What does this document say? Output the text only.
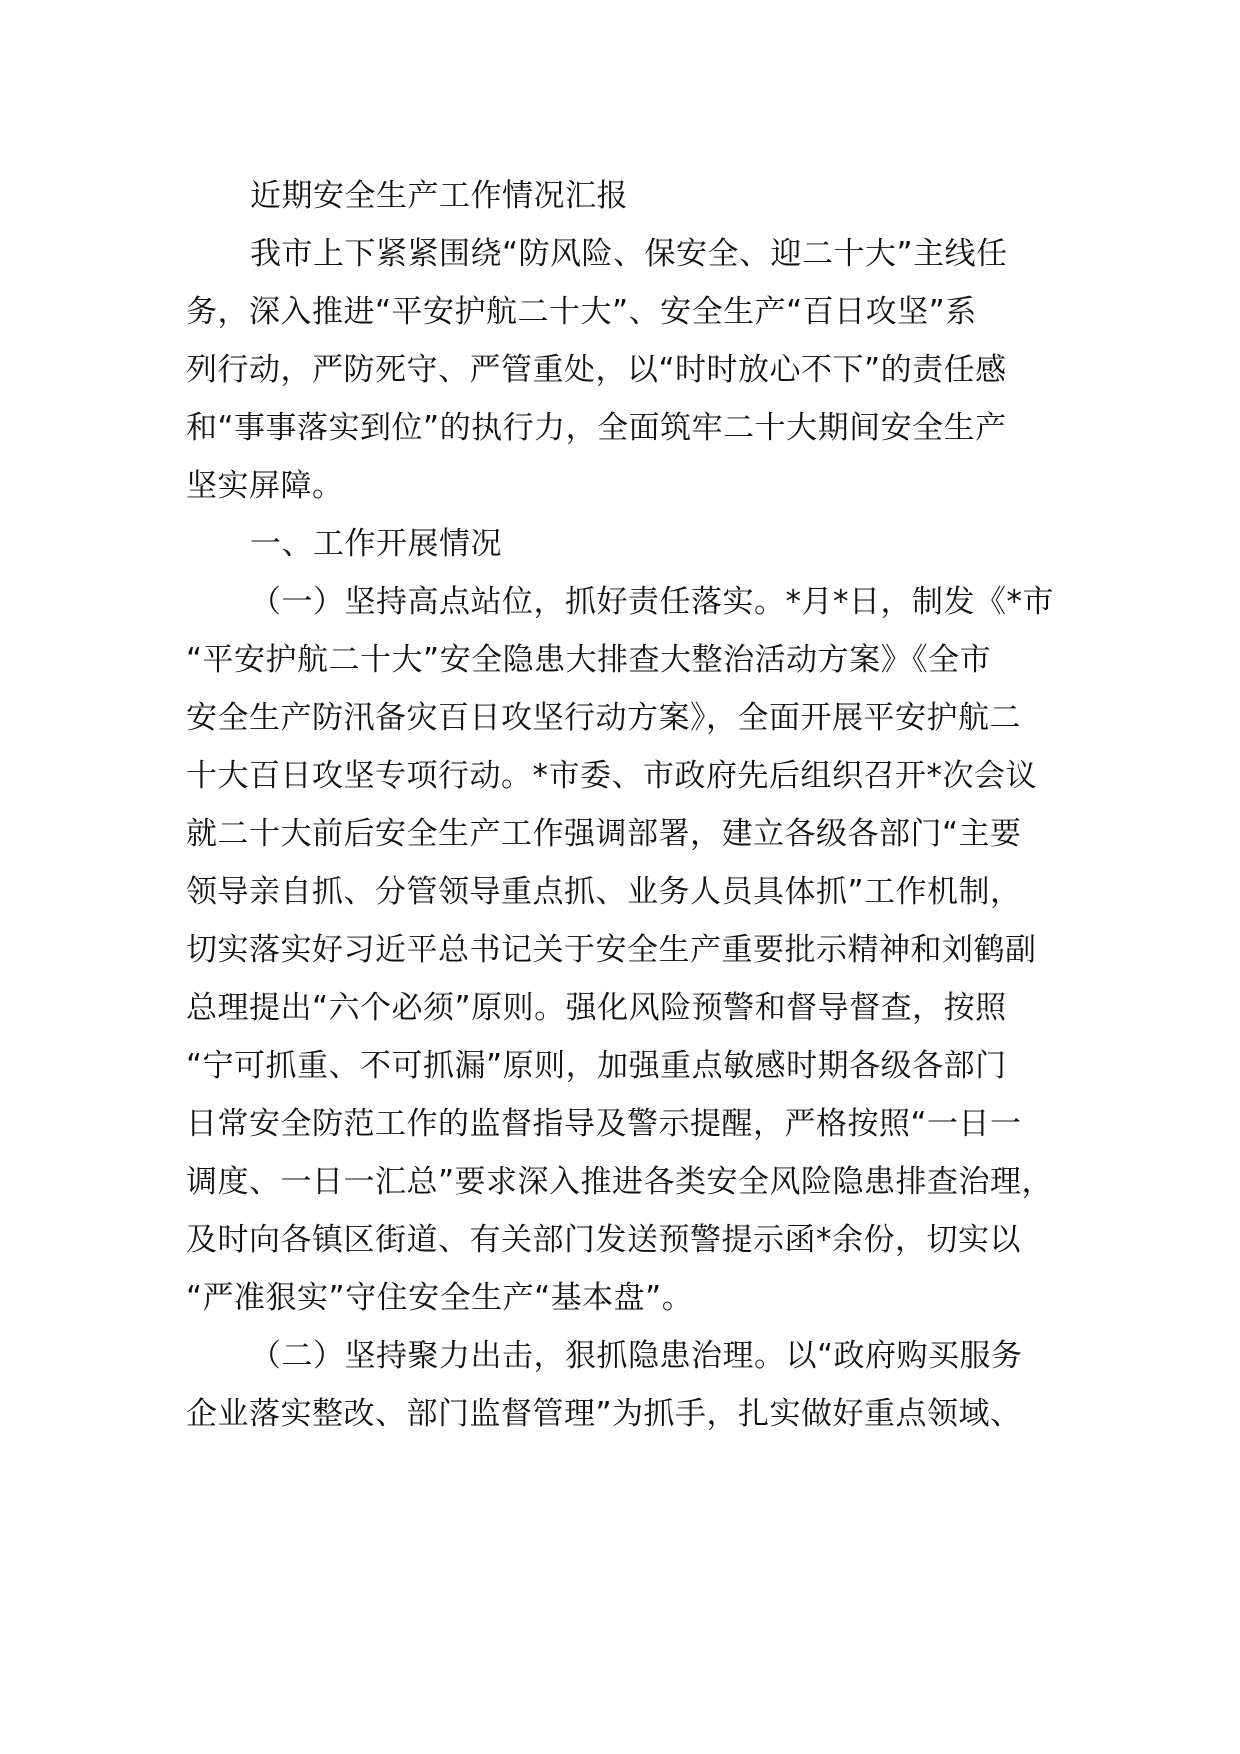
近期安全生产工作情况汇报
我市上下紧紧围绕“防风险、保安全、迎二十大”主线任
务，深入推进“平安护航二十大”、安全生产“百日攻坚”系
列行动，严防死守、严管重处，以“时时放心不下”的责任感
和“事事落实到位”的执行力，全面筑牢二十大期间安全生产
坚实屏障。
一、工作开展情况
（一）坚持高点站位，抓好责任落实。*月*日，制发《*市
“平安护航二十大”安全隐患大排查大整治活动方案》《全市
安全生产防汛备灾百日攻坚行动方案》，全面开展平安护航二
十大百日攻坚专项行动。*市委、市政府先后组织召开*次会议
就二十大前后安全生产工作强调部署，建立各级各部门“主要
领导亲自抓、分管领导重点抓、业务人员具体抓”工作机制，
切实落实好习近平总书记关于安全生产重要批示精神和刘鹤副
总理提出“六个必须”原则。强化风险预警和督导督查，按照
“宁可抓重、不可抓漏”原则，加强重点敏感时期各级各部门
日常安全防范工作的监督指导及警示提醒，严格按照“一日一
调度、一日一汇总”要求深入推进各类安全风险隐患排查治理，
及时向各镇区街道、有关部门发送预警提示函*余份，切实以
“严准狠实”守住安全生产“基本盘”。
（二）坚持聚力出击，狠抓隐患治理。以“政府购买服务
企业落实整改、部门监督管理”为抓手，扎实做好重点领域、
